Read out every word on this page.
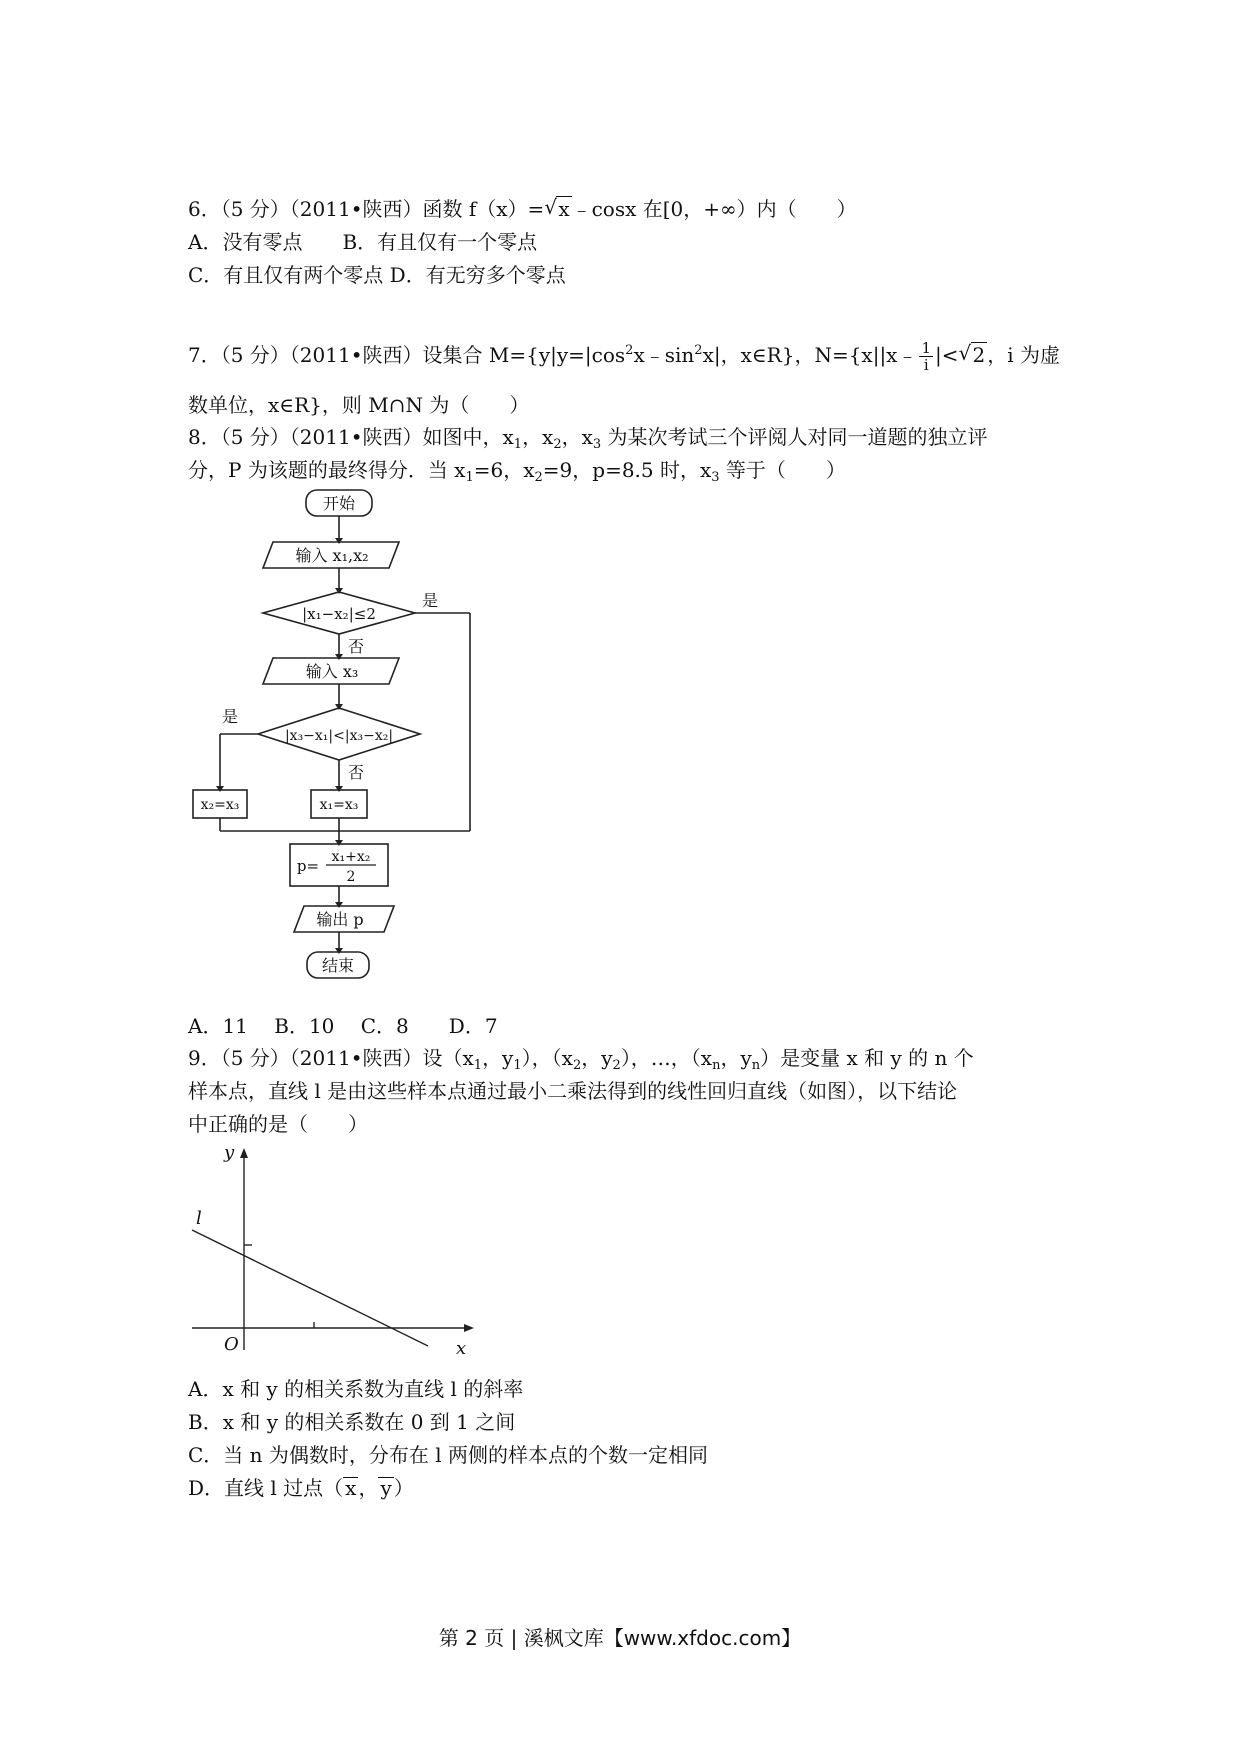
6．（5 分）（2011•陕西）函数 f（x）= √ x ﹣cosx 在[0，+∞）内（　　）
A．没有零点　　B．有且仅有一个零点
C．有且仅有两个零点 D．有无穷多个零点
7．（5 分）（2011•陕西）设集合 $M=\{y|y=|\cos^2x﹣\sin^2x|$，x∈R}，N={x||x﹣ $\frac{1}{i}$ |< √ 2 ，i 为虚
数单位，x∈R}，则 M∩N 为（　　）
8．（5 分）（2011•陕西）如图中，$x_1$，$x_2$，$x_3$ 为某次考试三个评阅人对同一道题的独立评
分，P 为该题的最终得分．当 $x_1=6$，$x_2=9$，p=8.5 时，$x_3$ 等于（　　）
开始
输入 x₁,x₂
|x₁−x₂|≤2
是
否
输入 x₃
|x₃−x₁|<|x₃−x₂|
是
否
x₂=x₃	x₁=x₃
p= x₁+x₂
2
输出 p
结束
A．11　 B．10　 C．8　　D．7
9．（5 分）（2011•陕西）设（$x_1$，$y_1$），（$x_2$，$y_2$），…，（$x_n$，$y_n$）是变量 x 和 y 的 n 个
样本点，直线 l 是由这些样本点通过最小二乘法得到的线性回归直线（如图），以下结论
中正确的是（　　）
y
x
O
l
A．x 和 y 的相关系数为直线 l 的斜率
B．x 和 y 的相关系数在 0 到 1 之间
C．当 n 为偶数时，分布在 l 两侧的样本点的个数一定相同
D．直线 l 过点（ x ， y ）
第 2 页 | 溪枫文库【www.xfdoc.com】
